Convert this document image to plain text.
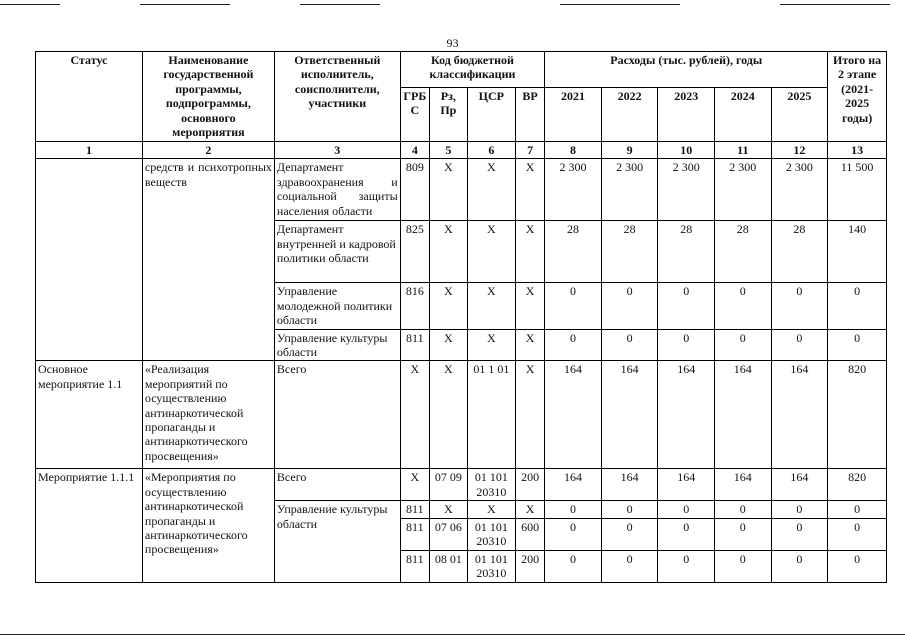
93
Статус	Наименование государственной программы, подпрограммы, основного мероприятия	Ответственный исполнитель, соисполнители, участники	Код бюджетной классификации				Расходы (тыс. рублей), годы					Итого на 2 этапе (2021-2025 годы)
			ГРБ С	Рз, Пр	ЦСР	ВР	2021	2022	2023	2024	2025	
1	2	3	4	5	6	7	8	9	10	11	12	13
	средств и психотропных веществ	Департамент здравоохранения и социальной защиты населения области	809	Х	Х	Х	2 300	2 300	2 300	2 300	2 300	11 500
		Департамент внутренней и кадровой политики области	825	Х	Х	Х	28	28	28	28	28	140
		Управление молодежной политики области	816	Х	Х	Х	0	0	0	0	0	0
		Управление культуры области	811	Х	Х	Х	0	0	0	0	0	0
Основное мероприятие 1.1	«Реализация мероприятий по осуществлению антинаркотической пропаганды и антинаркотического просвещения»	Всего	Х	Х	01 1 01	Х	164	164	164	164	164	820
Мероприятие 1.1.1	«Мероприятия по осуществлению антинаркотической пропаганды и антинаркотического просвещения»	Всего	Х	07 09	01 101 20310	200	164	164	164	164	164	820
		Управление культуры области	811	Х	Х	Х	0	0	0	0	0	0
			811	07 06	01 101 20310	600	0	0	0	0	0	0
			811	08 01	01 101 20310	200	0	0	0	0	0	0
